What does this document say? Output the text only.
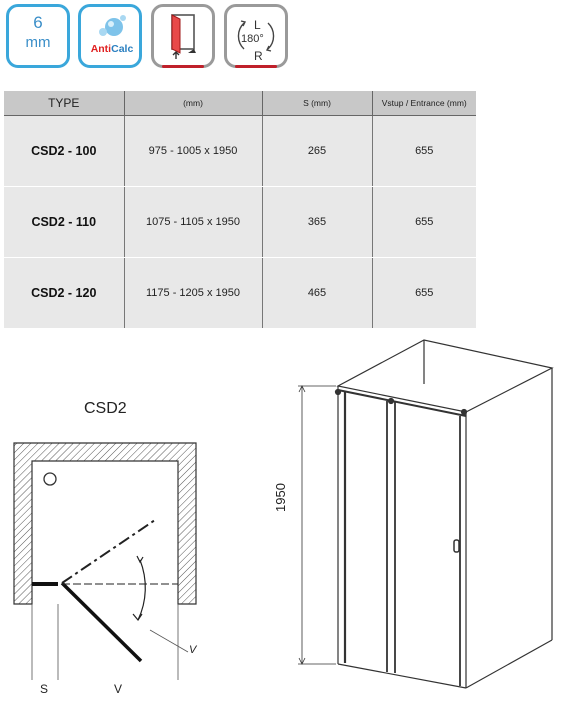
6
mm	AntiCalc
L
180°
R
TYPE	(mm)	S (mm)	Vstup / Entrance (mm)
CSD2 - 100	975 - 1005 x 1950	265	655
CSD2 - 110	1075 - 1105 x 1950	365	655
CSD2 - 120	1175 - 1205 x 1950	465	655
CSD2
S	V
V
1950
